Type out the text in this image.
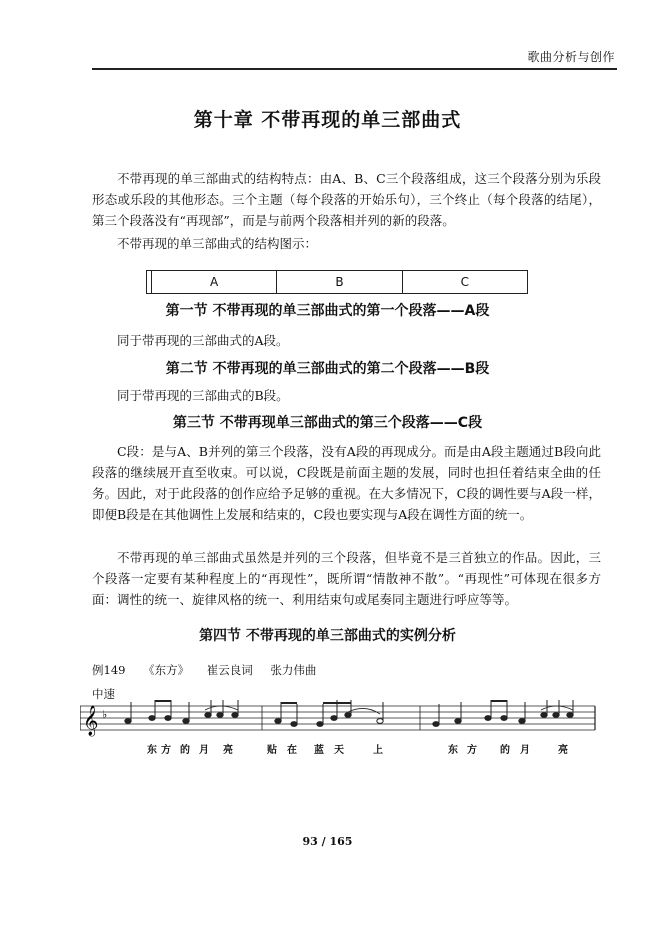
歌曲分析与创作
第十章 不带再现的单三部曲式
不带再现的单三部曲式的结构特点：由A、B、C三个段落组成，这三个段落分别为乐段形态或乐段的其他形态。三个主题（每个段落的开始乐句），三个终止（每个段落的结尾）， 第三个段落没有“再现部”，而是与前两个段落相并列的新的段落。
不带再现的单三部曲式的结构图示：
A	B	C
第一节 不带再现的单三部曲式的第一个段落——A段
同于带再现的三部曲式的A段。
第二节 不带再现的单三部曲式的第二个段落——B段
同于带再现的三部曲式的B段。
第三节 不带再现单三部曲式的第三个段落——C段
C段：是与A、B并列的第三个段落，没有A段的再现成分。而是由A段主题通过B段向此段落的继续展开直至收束。可以说，C段既是前面主题的发展，同时也担任着结束全曲的任务。因此，对于此段落的创作应给予足够的重视。在大多情况下，C段的调性要与A段一样，即便B段是在其他调性上发展和结束的，C段也要实现与A段在调性方面的统一。
不带再现的单三部曲式虽然是并列的三个段落，但毕竟不是三首独立的作品。因此，三个段落一定要有某种程度上的“再现性”，既所谓“情散神不散”。“再现性”可体现在很多方面：调性的统一、旋律风格的统一、利用结束句或尾奏同主题进行呼应等等。
第四节 不带再现的单三部曲式的实例分析
例149 《东方》 崔云良词 张力伟曲
中速
𝄞 ♭
东 方 的 月 亮	贴 在 蓝 天	上	东 方 的 月	亮
93 / 165
